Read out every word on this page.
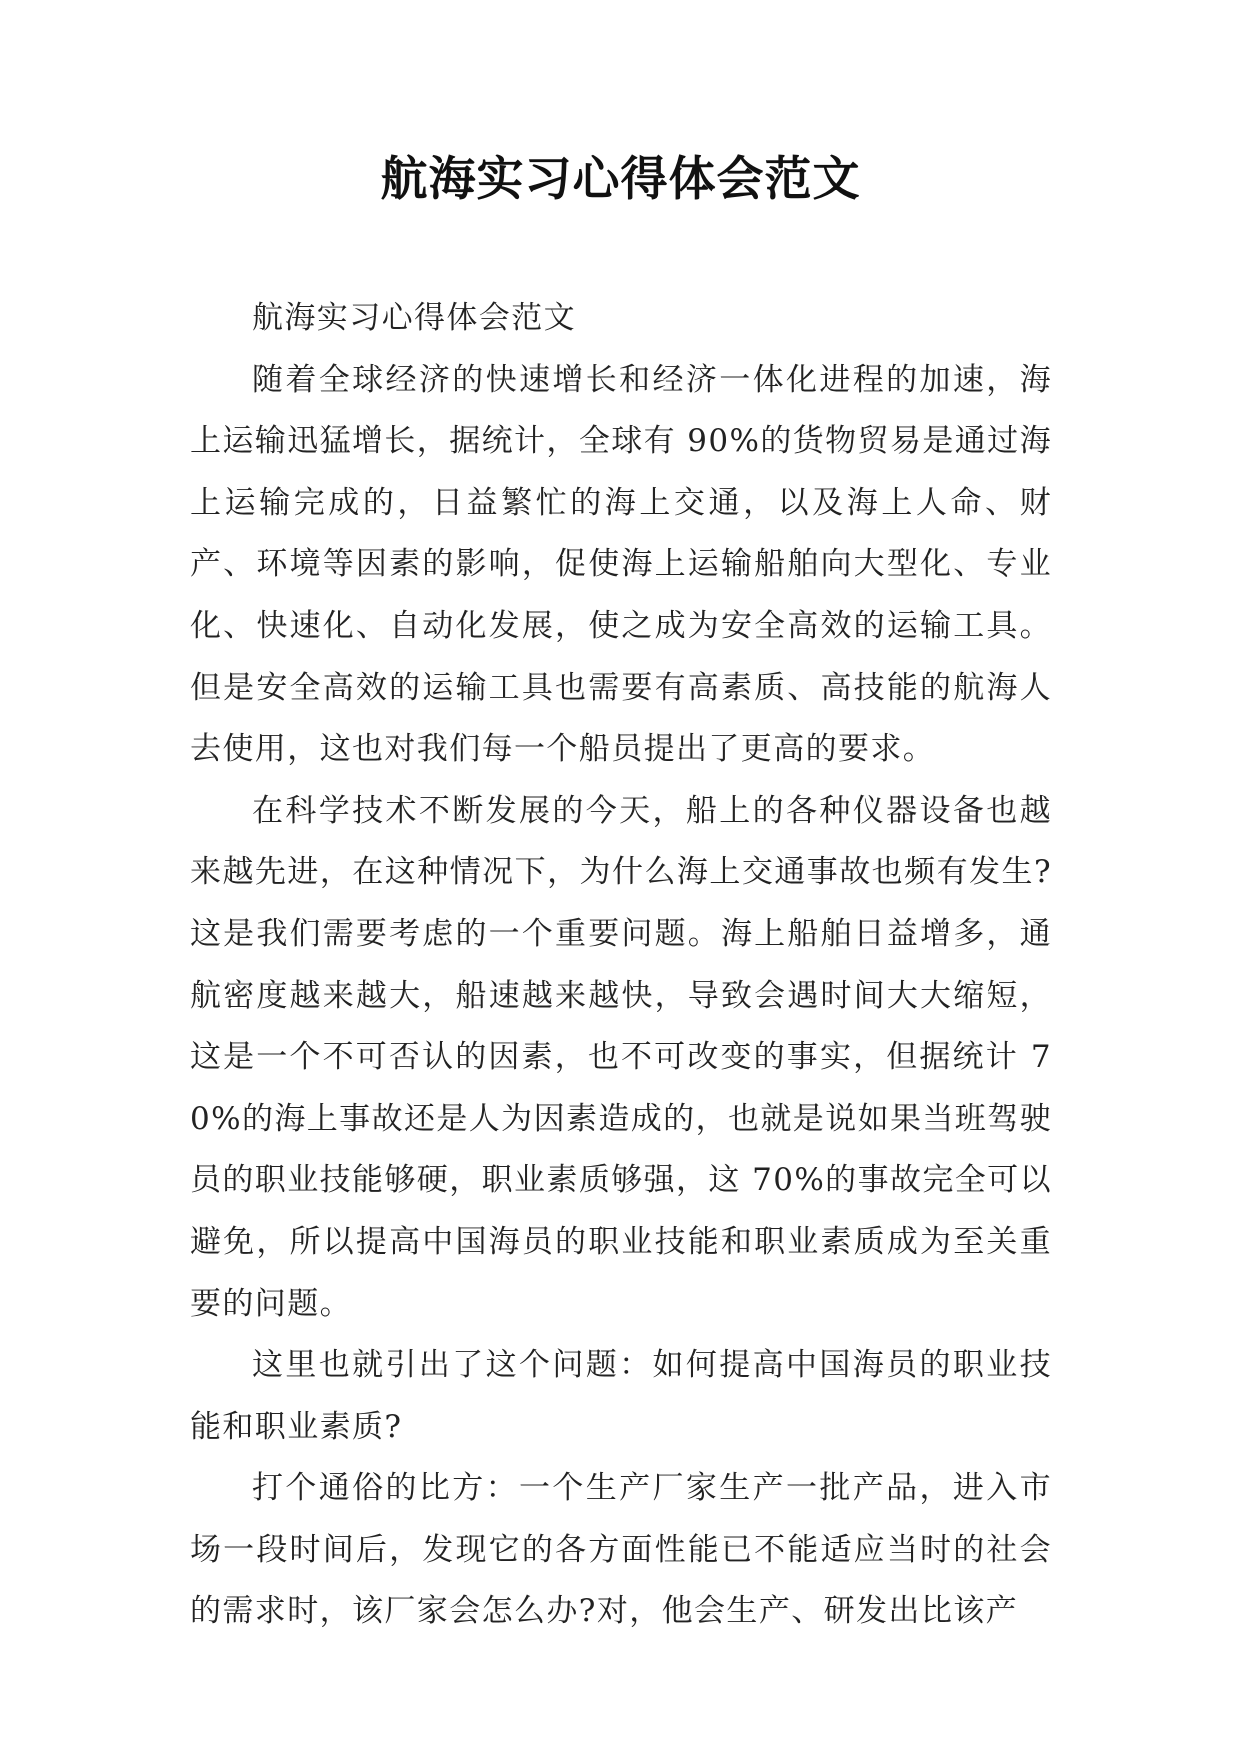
航海实习心得体会范文

航海实习心得体会范文

随着全球经济的快速增长和经济一体化进程的加速，海上运输迅猛增长，据统计，全球有 90%的货物贸易是通过海上运输完成的，日益繁忙的海上交通，以及海上人命、财产、环境等因素的影响，促使海上运输船舶向大型化、专业化、快速化、自动化发展，使之成为安全高效的运输工具。但是安全高效的运输工具也需要有高素质、高技能的航海人去使用，这也对我们每一个船员提出了更高的要求。

在科学技术不断发展的今天，船上的各种仪器设备也越来越先进，在这种情况下，为什么海上交通事故也频有发生?这是我们需要考虑的一个重要问题。海上船舶日益增多，通航密度越来越大，船速越来越快，导致会遇时间大大缩短，这是一个不可否认的因素，也不可改变的事实，但据统计 70%的海上事故还是人为因素造成的，也就是说如果当班驾驶员的职业技能够硬，职业素质够强，这 70%的事故完全可以避免，所以提高中国海员的职业技能和职业素质成为至关重要的问题。

这里也就引出了这个问题：如何提高中国海员的职业技能和职业素质?

打个通俗的比方：一个生产厂家生产一批产品，进入市场一段时间后，发现它的各方面性能已不能适应当时的社会的需求时，该厂家会怎么办?对，他会生产、研发出比该产
